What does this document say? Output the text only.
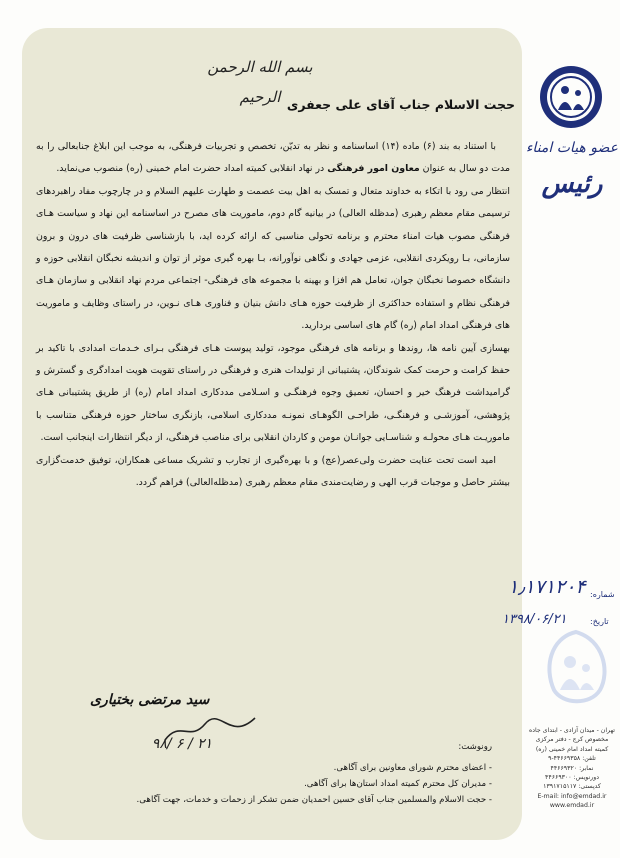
بسم الله الرحمن الرحیم حجت الاسلام جناب آقای علی جعفری

با استناد به بند (۶) ماده (۱۴) اساسنامه و نظر به تدیّن، تخصص و تجربیات فرهنگی، به موجب این ابلاغ جنابعالی را به مدت دو سال به عنوان معاون امور فرهنگی در نهاد انقلابی کمیته امداد حضرت امام خمینی (ره) منصوب می‌نماید.

انتظار می رود با اتکاء به خداوند متعال و تمسک به اهل بیت عصمت و طهارت علیهم السلام و در چارچوب مفاد راهبردهای ترسیمی مقام معظم رهبری (مدظله العالی) در بیانیه گام دوم، ماموریت های مصرح در اساسنامه این نهاد و سیاست هـای فرهنگی مصوب هیات امناء محترم و برنامه تحولی مناسبی که ارائه کرده اید، با بازشناسی ظرفیت های درون و برون سازمانی، بـا رویکردی انقلابی، عزمی جهادی و نگاهی نوآورانه، بـا بهره گیری موثر از توان و اندیشه نخبگان انقلابی حوزه و دانشگاه خصوصا نخبگان جوان، تعامل هم افزا و بهینه با مجموعه های فرهنگی- اجتماعی مردم نهاد انقلابی و سازمان هـای فرهنگی نظام و استفاده حداکثری از ظرفیت حوزه هـای دانش بنیان و فناوری هـای نـوین، در راستای وظایف و ماموریت های فرهنگی امداد امام (ره) گام های اساسی بردارید.

بهسازی آیین نامه ها، روندها و برنامه های فرهنگی موجود، تولید پیوست هـای فرهنگی بـرای خـدمات امدادی با تاکید بر حفظ کرامت و حرمت کمک شوندگان، پشتیبانی از تولیدات هنری و فرهنگی در راستای تقویت هویت امدادگری و گسترش و گرامیداشت فرهنگ خیر و احسان، تعمیق وجوه فرهنگـی و اسـلامی مددکاری امداد امام (ره) از طریق پشتیبانی هـای پژوهشی، آموزشـی و فرهنگـی، طراحـی الگوهـای نمونـه مددکاری اسلامی، بازنگری ساختار حوزه فرهنگی متناسب با ماموریـت هـای محولـه و شناسـایی جوانـان مومن و کاردان انقلابی برای مناصب فرهنگی، از دیگر انتظارات اینجانب است.

امید است تحت عنایت حضرت ولی‌عصر(عج) و با بهره‌گیری از تجارب و تشریک مساعی همکاران، توفیق خدمت‌گزاری بیشتر حاصل و موجبات قرب الهی و رضایت‌مندی مقام معظم رهبری (مدظله‌العالی) فراهم گردد.

سید مرتضی بختیاری
۹۸/ ۶ / ۲۱	رونوشت:
- اعضای محترم شورای معاونین برای آگاهی.
- مدیران کل محترم کمیته امداد استان‌ها برای آگاهی.
- حجت الاسلام والمسلمین جناب آقای حسین احمدیان ضمن تشکر از زحمات و خدمات، جهت آگاهی.
عضو هیات امناء
رئیس
۱٫۱۷۱۲۰۴ شماره:
۱۳۹۸/۰۶/۲۱	تاریخ:
تهران - میدان آزادی - ابتدای جاده
مخصوص کرج - دفتر مرکزی
کمیته امداد امام خمینی (ره)
تلفن: ۴۴۶۶۹۳۵۸-۹
نمابر: ۴۴۶۶۹۳۲۰
دورنویس: ۴۴۶۶۹۳۰۰
کدپستی: ۱۳۹۱۷۱۵۱۱۷
E-mail: info@emdad.ir
www.emdad.ir
